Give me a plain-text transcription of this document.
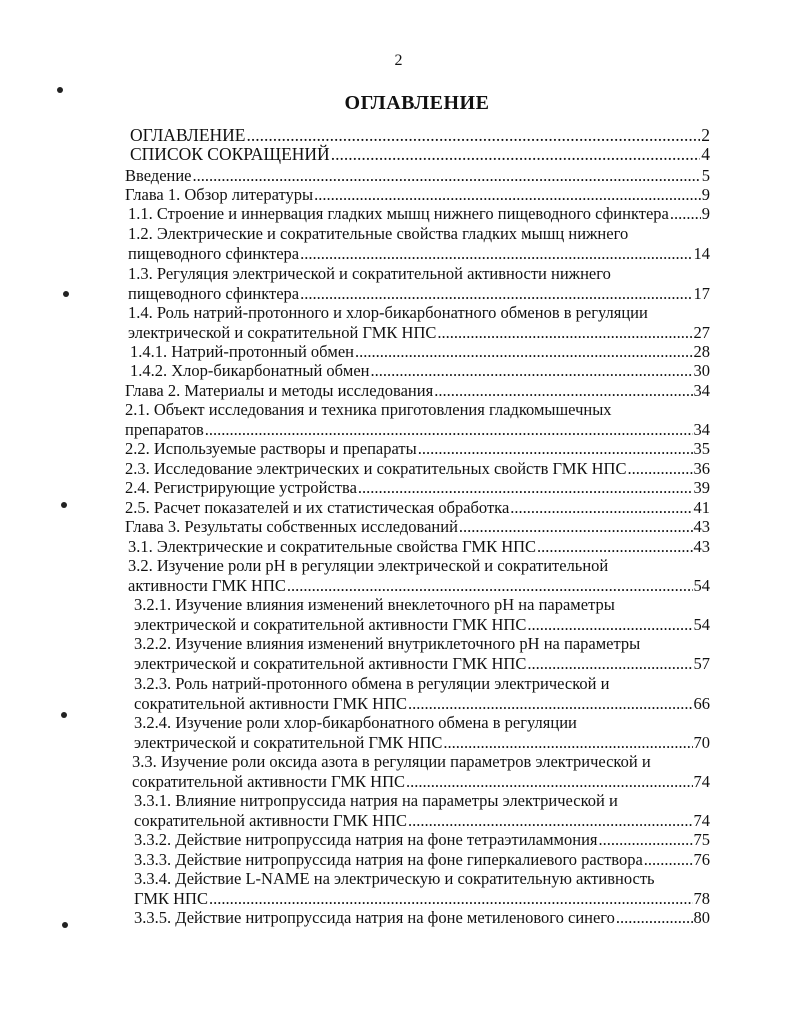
2
ОГЛАВЛЕНИЕ
ОГЛАВЛЕНИЕ .....	2
СПИСОК СОКРАЩЕНИЙ .....	4
Введение .....	5
Глава 1. Обзор литературы .....	9
1.1. Строение и иннервация гладких мышц нижнего пищеводного сфинктера ..... 9
1.2. Электрические и сократительные свойства гладких мышц нижнего
пищеводного сфинктера .....	14
1.3. Регуляция электрической и сократительной активности нижнего
пищеводного сфинктера .....	17
1.4. Роль натрий-протонного и хлор-бикарбонатного обменов в регуляции
электрической и сократительной ГМК НПС .....	27
1.4.1. Натрий-протонный обмен .....	28
1.4.2. Хлор-бикарбонатный обмен .....	30
Глава 2. Материалы и методы исследования .....	34
2.1. Объект исследования и техника приготовления гладкомышечных
препаратов .....	34
2.2. Используемые растворы и препараты .....	35
2.3. Исследование электрических и сократительных свойств ГМК НПС .....	36
2.4. Регистрирующие устройства .....	39
2.5. Расчет показателей и их статистическая обработка .....	41
Глава 3. Результаты собственных исследований .....	43
3.1. Электрические и сократительные свойства ГМК НПС .....	43
3.2. Изучение роли pH в регуляции электрической и сократительной
активности ГМК НПС .....	54
3.2.1. Изучение влияния изменений внеклеточного pH на параметры
электрической и сократительной активности ГМК НПС .....	54
3.2.2. Изучение влияния изменений внутриклеточного pH на параметры
электрической и сократительной активности ГМК НПС .....	57
3.2.3. Роль натрий-протонного обмена в регуляции электрической и
сократительной активности ГМК НПС .....	66
3.2.4. Изучение роли хлор-бикарбонатного обмена в регуляции
электрической и сократительной ГМК НПС .....	70
3.3. Изучение роли оксида азота в регуляции параметров электрической и
сократительной активности ГМК НПС .....	74
3.3.1. Влияние нитропруссида натрия на параметры электрической и
сократительной активности ГМК НПС .....	74
3.3.2. Действие нитропруссида натрия на фоне тетраэтиламмония .....	75
3.3.3. Действие нитропруссида натрия на фоне гиперкалиевого раствора .....	76
3.3.4. Действие L-NAME на электрическую и сократительную активность
ГМК НПС .....	78
3.3.5. Действие нитропруссида натрия на фоне метиленового синего .....	80
